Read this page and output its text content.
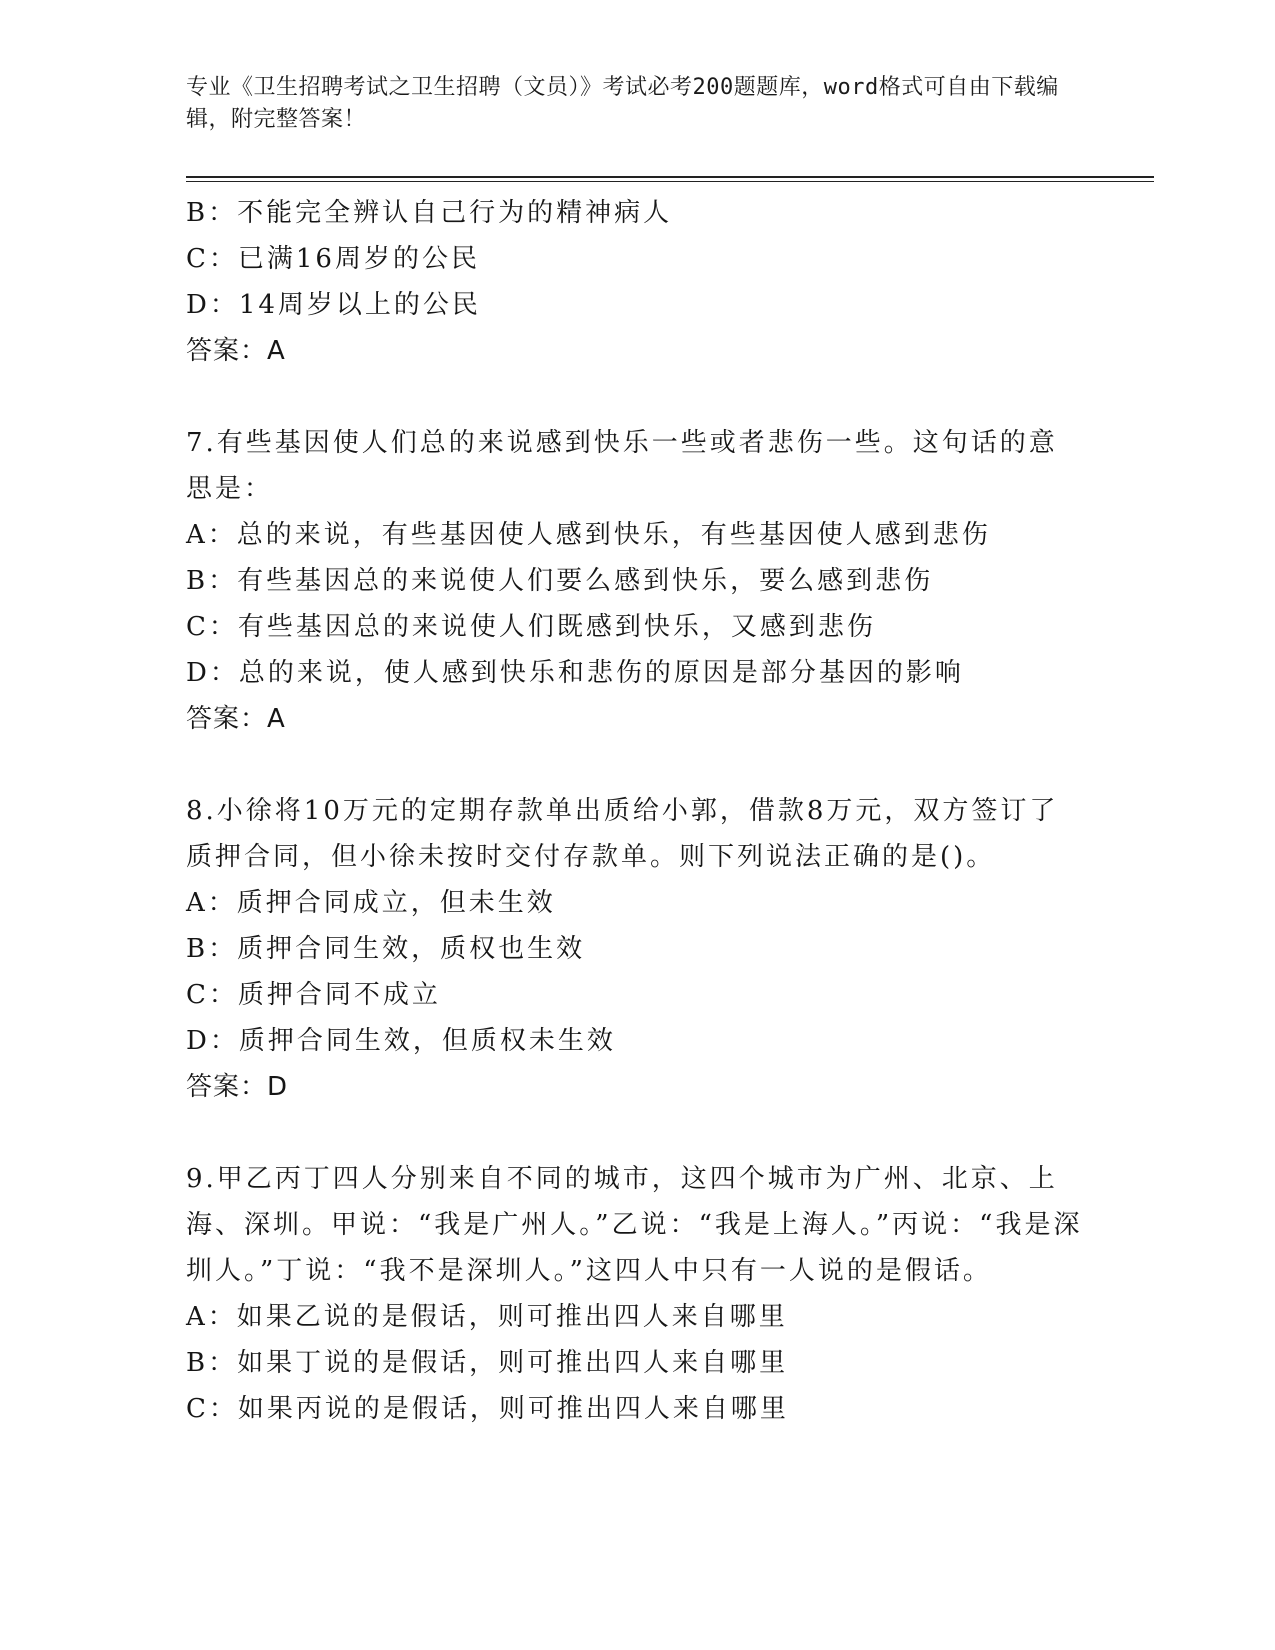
专业《卫生招聘考试之卫生招聘（文员）》考试必考200题题库，word格式可自由下载编辑，附完整答案！
B：不能完全辨认自己行为的精神病人
C：已满16周岁的公民
D：14周岁以上的公民
答案：A
7.有些基因使人们总的来说感到快乐一些或者悲伤一些。这句话的意思是：
A：总的来说，有些基因使人感到快乐，有些基因使人感到悲伤
B：有些基因总的来说使人们要么感到快乐，要么感到悲伤
C：有些基因总的来说使人们既感到快乐，又感到悲伤
D：总的来说，使人感到快乐和悲伤的原因是部分基因的影响
答案：A
8.小徐将10万元的定期存款单出质给小郭，借款8万元，双方签订了质押合同，但小徐未按时交付存款单。则下列说法正确的是()。
A：质押合同成立，但未生效
B：质押合同生效，质权也生效
C：质押合同不成立
D：质押合同生效，但质权未生效
答案：D
9.甲乙丙丁四人分别来自不同的城市，这四个城市为广州、北京、上海、深圳。甲说：“我是广州人。”乙说：“我是上海人。”丙说：“我是深圳人。”丁说：“我不是深圳人。”这四人中只有一人说的是假话。
A：如果乙说的是假话，则可推出四人来自哪里
B：如果丁说的是假话，则可推出四人来自哪里
C：如果丙说的是假话，则可推出四人来自哪里
